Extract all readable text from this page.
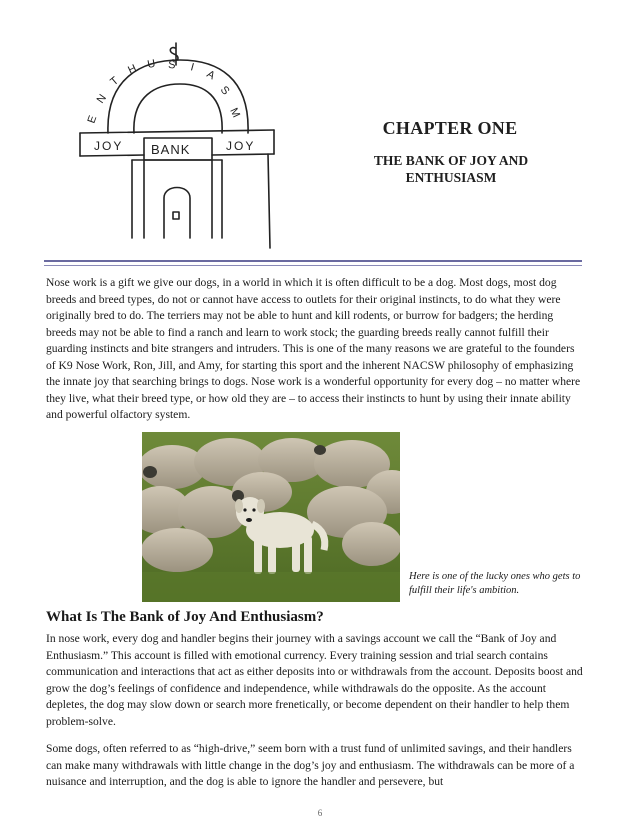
E
N
T
H U S I
A
S
M
JOY BANK	JOY
CHAPTER ONE
THE BANK OF JOY AND
ENTHUSIASM

Nose work is a gift we give our dogs, in a world in which it is often difficult to be a dog. Most dogs, most dog breeds and breed types, do not or cannot have access to outlets for their original instincts, to do what they were originally bred to do. The terriers may not be able to hunt and kill rodents, or burrow for badgers; the herding breeds may not be able to find a ranch and learn to work stock; the guarding breeds really cannot fulfill their guarding instincts and bite strangers and intruders. This is one of the many reasons we are grateful to the founders of K9 Nose Work, Ron, Jill, and Amy, for starting this sport and the inherent NACSW philosophy of emphasizing the innate joy that searching brings to dogs. Nose work is a wonderful opportunity for every dog – no matter where they live, what their breed type, or how old they are – to access their instincts to hunt by using their innate ability and powerful olfactory system.

Here is one of the lucky ones who gets to fulfill their life's ambition.
What Is The Bank of Joy And Enthusiasm?

In nose work, every dog and handler begins their journey with a savings account we call the “Bank of Joy and Enthusiasm.” This account is filled with emotional currency. Every training session and trial search contains communication and interactions that act as either deposits into or withdrawals from the account. Deposits boost and grow the dog’s feelings of confidence and independence, while withdrawals do the opposite. As the account depletes, the dog may slow down or search more frenetically, or become dependent on their handler to help them problem-solve.

Some dogs, often referred to as “high-drive,” seem born with a trust fund of unlimited savings, and their handlers can make many withdrawals with little change in the dog’s joy and enthusiasm. The withdrawals can be more of a nuisance and interruption, and the dog is able to ignore the handler and persevere, but

6
